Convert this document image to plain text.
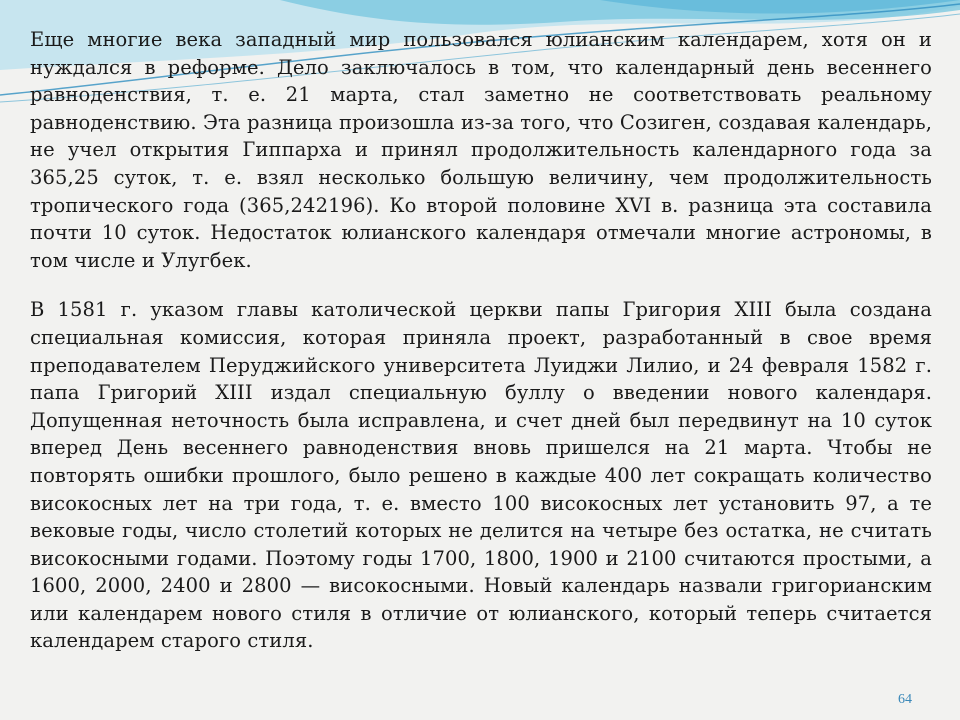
Еще многие века западный мир пользовался юлианским календарем, хотя он и нуждался в реформе. Дело заключалось в том, что календарный день весеннего равноденствия, т. е. 21 марта, стал заметно не соответствовать реальному равноденствию. Эта разница произошла из-за того, что Созиген, создавая календарь, не учел открытия Гиппарха и принял продолжительность календарного года за 365,25 суток, т. е. взял несколько большую величину, чем продолжительность тропического года (365,242196). Ко второй половине XVI в. разница эта составила почти 10 суток. Недостаток юлианского календаря отмечали многие астрономы, в том числе и Улугбек.

В 1581 г. указом главы католической церкви папы Григория XIII была создана специальная комиссия, которая приняла проект, разработанный в свое время преподавателем Перуджийского университета Луиджи Лилио, и 24 февраля 1582 г. папа Григорий XIII издал специальную буллу о введении нового календаря. Допущенная неточность была исправлена, и счет дней был передвинут на 10 суток вперед День весеннего равноденствия вновь пришелся на 21 марта. Чтобы не повторять ошибки прошлого, было решено в каждые 400 лет сокращать количество високосных лет на три года, т. е. вместо 100 високосных лет установить 97, а те вековые годы, число столетий которых не делится на четыре без остатка, не считать високосными годами. Поэтому годы 1700, 1800, 1900 и 2100 считаются простыми, а 1600, 2000, 2400 и 2800 — високосными. Новый календарь назвали григорианским или календарем нового стиля в отличие от юлианского, который теперь считается календарем старого стиля.

64
